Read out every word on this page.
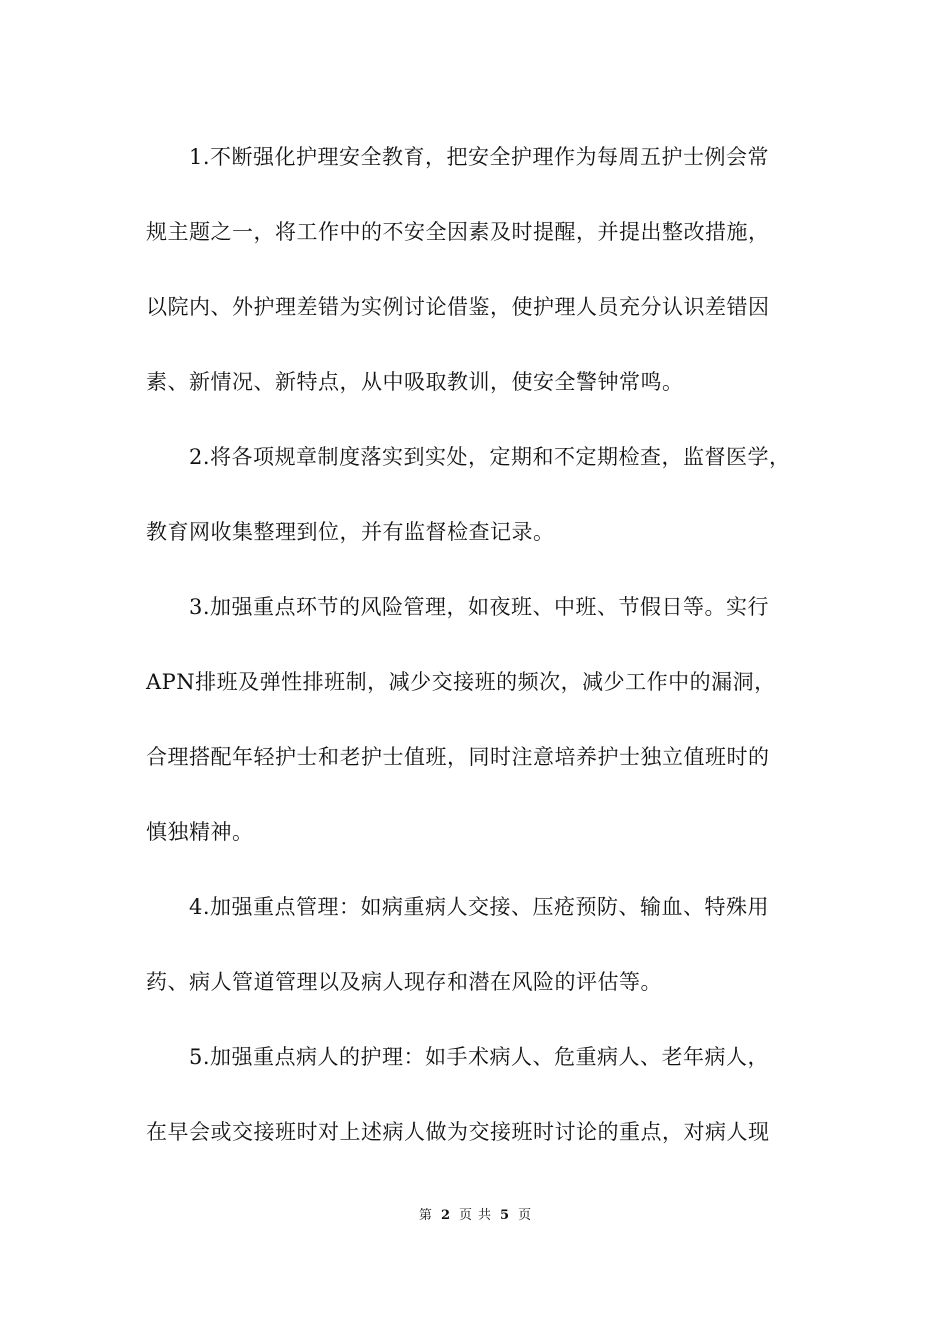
1.不断强化护理安全教育，把安全护理作为每周五护士例会常
规主题之一，将工作中的不安全因素及时提醒，并提出整改措施，
以院内、外护理差错为实例讨论借鉴，使护理人员充分认识差错因
素、新情况、新特点，从中吸取教训，使安全警钟常鸣。
2.将各项规章制度落实到实处，定期和不定期检查，监督医学，
教育网收集整理到位，并有监督检查记录。
3.加强重点环节的风险管理，如夜班、中班、节假日等。实行
APN排班及弹性排班制，减少交接班的频次，减少工作中的漏洞，
合理搭配年轻护士和老护士值班，同时注意培养护士独立值班时的
慎独精神。
4.加强重点管理：如病重病人交接、压疮预防、输血、特殊用
药、病人管道管理以及病人现存和潜在风险的评估等。
5.加强重点病人的护理：如手术病人、危重病人、老年病人，
在早会或交接班时对上述病人做为交接班时讨论的重点，对病人现
第 2 页 共 5 页
